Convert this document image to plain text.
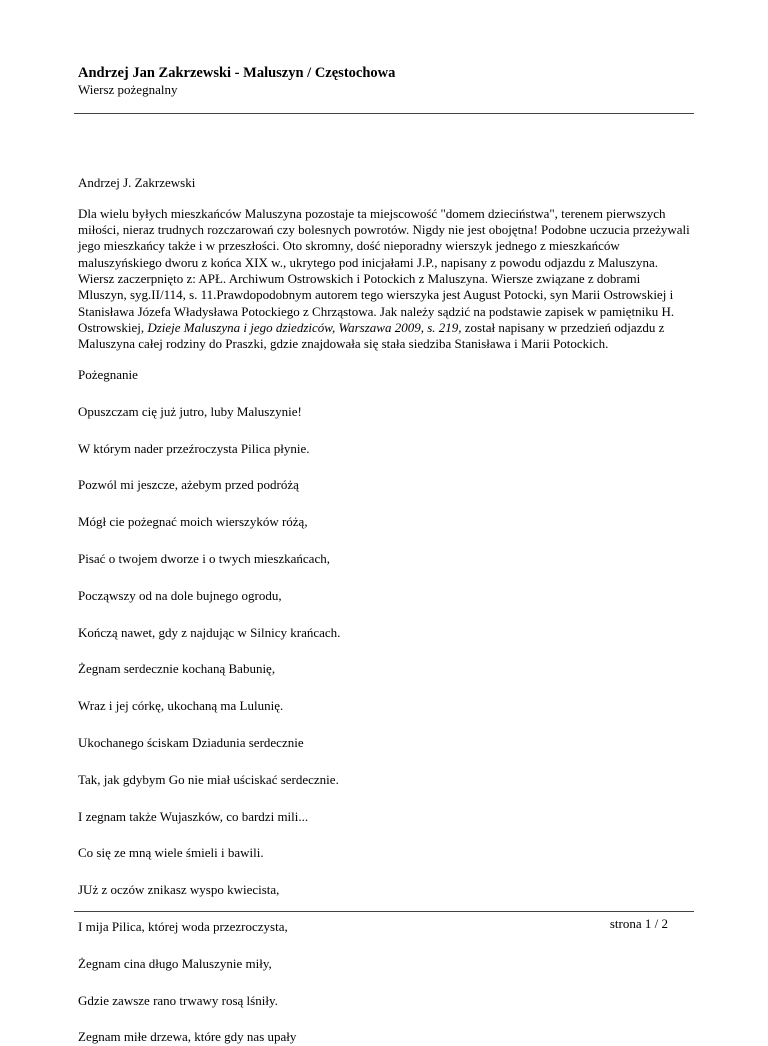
Andrzej Jan Zakrzewski - Maluszyn / Częstochowa
Wiersz pożegnalny

Andrzej J. Zakrzewski

Dla wielu byłych mieszkańców Maluszyna pozostaje ta miejscowość "domem dzieciństwa", terenem pierwszych miłości, nieraz trudnych rozczarowań czy bolesnych powrotów. Nigdy nie jest obojętna! Podobne uczucia przeżywali jego mieszkańcy także i w przeszłości. Oto skromny, dość nieporadny wierszyk jednego z mieszkańców maluszyńskiego dworu z końca XIX w., ukrytego pod inicjałami J.P., napisany z powodu odjazdu z Maluszyna. Wiersz zaczerpnięto z: APŁ. Archiwum Ostrowskich i Potockich z Maluszyna. Wiersze związane z dobrami Mluszyn, syg.II/114, s. 11.Prawdopodobnym autorem tego wierszyka jest August Potocki, syn Marii Ostrowskiej i Stanisława Józefa Władysława Potockiego z Chrząstowa. Jak należy sądzić na podstawie zapisek w pamiętniku H. Ostrowskiej, Dzieje Maluszyna i jego dziedziców, Warszawa 2009, s. 219, został napisany w przedzień odjazdu z Maluszyna całej rodziny do Praszki, gdzie znajdowała się stała siedziba Stanisława i Marii Potockich.

Pożegnanie

Opuszczam cię już jutro, luby Maluszynie!

W którym nader przeźroczysta Pilica płynie.

Pozwól mi jeszcze, ażebym przed podróżą

Mógł cie pożegnać moich wierszyków różą,

Pisać o twojem dworze i o twych mieszkańcach,

Począwszy od na dole bujnego ogrodu,

Kończą nawet, gdy z najdując w Silnicy krańcach.

Żegnam serdecznie kochaną Babunię,

Wraz i jej córkę, ukochaną ma Lulunię.

Ukochanego ściskam Dziadunia serdecznie

Tak, jak gdybym Go nie miał uściskać serdecznie.

I zegnam także Wujaszków, co bardzi mili...

Co się ze mną wiele śmieli i bawili.

JUż z oczów znikasz wyspo kwiecista,

I mija Pilica, której woda przezroczysta,

Żegnam cina długo Maluszynie miły,

Gdzie zawsze rano trwawy rosą lśniły.

Zegnam miłe drzewa, które gdy nas upały

strona 1 / 2
